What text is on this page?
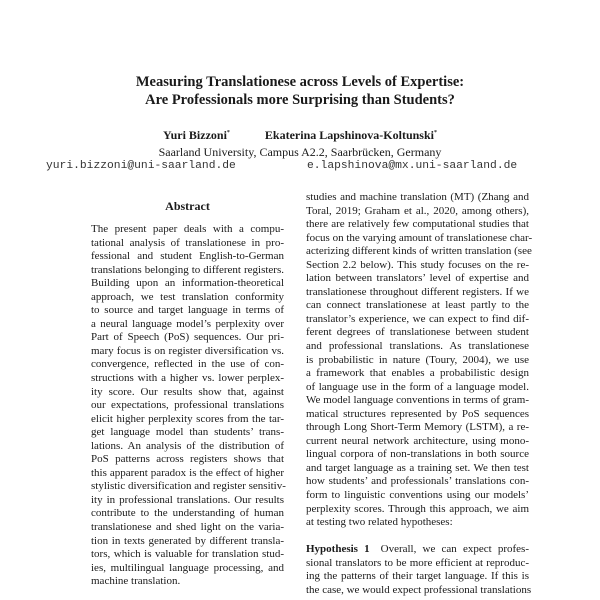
Measuring Translationese across Levels of Expertise:
Are Professionals more Surprising than Students?
Yuri Bizzoni*	Ekaterina Lapshinova-Koltunski*
Saarland University, Campus A2.2, Saarbrücken, Germany
yuri.bizzoni@uni-saarland.de	e.lapshinova@mx.uni-saarland.de
Abstract
The present paper deals with a compu-
tational analysis of translationese in pro-
fessional and student English-to-German
translations belonging to different registers.
Building upon an information-theoretical
approach, we test translation conformity
to source and target language in terms of
a neural language model’s perplexity over
Part of Speech (PoS) sequences. Our pri-
mary focus is on register diversification vs.
convergence, reflected in the use of con-
structions with a higher vs. lower perplex-
ity score. Our results show that, against
our expectations, professional translations
elicit higher perplexity scores from the tar-
get language model than students’ trans-
lations. An analysis of the distribution of
PoS patterns across registers shows that
this apparent paradox is the effect of higher
stylistic diversification and register sensitiv-
ity in professional translations. Our results
contribute to the understanding of human
translationese and shed light on the varia-
tion in texts generated by different transla-
tors, which is valuable for translation stud-
ies, multilingual language processing, and
machine translation.
studies and machine translation (MT) (Zhang and
Toral, 2019; Graham et al., 2020, among others),
there are relatively few computational studies that
focus on the varying amount of translationese char-
acterizing different kinds of written translation (see
Section 2.2 below). This study focuses on the re-
lation between translators’ level of expertise and
translationese throughout different registers. If we
can connect translationese at least partly to the
translator’s experience, we can expect to find dif-
ferent degrees of translationese between student
and professional translations. As translationese
is probabilistic in nature (Toury, 2004), we use
a framework that enables a probabilistic design
of language use in the form of a language model.
We model language conventions in terms of gram-
matical structures represented by PoS sequences
through Long Short-Term Memory (LSTM), a re-
current neural network architecture, using mono-
lingual corpora of non-translations in both source
and target language as a training set. We then test
how students’ and professionals’ translations con-
form to linguistic conventions using our models’
perplexity scores. Through this approach, we aim
at testing two related hypotheses:
Hypothesis 1  Overall, we can expect profes-
sional translators to be more efficient at reproduc-
ing the patterns of their target language. If this is
the case, we would expect professional translations
